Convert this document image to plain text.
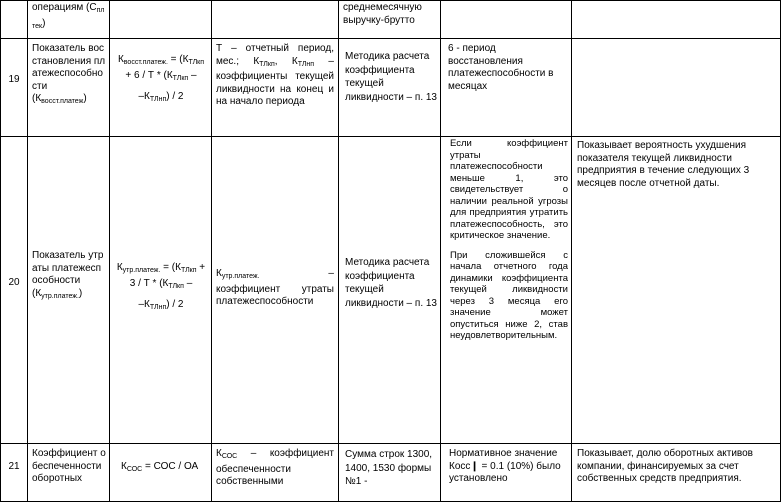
операциям $(С_{пл тек})$
среднемесячную выручку-брутто
19
Показатель восстановления платежеспособности
$(К_{восст.платеж})$
$К_{восст.платеж.} = (К_{ТЛкп} + 6 / Т * (К_{ТЛкп}$ –

$-К_{ТЛнп}) / 2$

Т – отчетный период, мес.; $К_{ТЛкп}$, $К_{ТЛнп}$ – коэффициенты текущей ликвидности на конец и на начало периода
Методика расчета коэффициента текущей ликвидности – п. 13
6 - период восстановления платежеспособности в месяцах
20
Показатель утраты платежеспособности
$(К_{утр.платеж.})$
$К_{утр.платеж.} = (К_{ТЛкп} + 3 / Т * (К_{ТЛкп}$ –

$-К_{ТЛнп}) / 2$

$К_{утр.платеж.}$ – коэффициент утраты платежеспособности
Методика расчета коэффициента текущей ликвидности – п. 13

Если коэффициент утраты платежеспособности меньше 1, это свидетельствует о наличии реальной угрозы для предприятия утратить платежеспособность, это критическое значение.

При сложившейся с начала отчетного года динамики коэффициента текущей ликвидности через 3 месяца его значение может опуститься ниже 2, став неудовлетворительным.

Показывает вероятность ухудшения показателя текущей ликвидности предприятия в течение следующих 3 месяцев после отчетной даты.
21
Коэффициент обеспеченности оборотных
$К_{СОС}$ = СОС / ОА
$К_{СОС}$ – коэффициент обеспеченности собственными
Сумма строк 1300, 1400, 1530 формы №1 -
Нормативное значение Косс❙ = 0.1 (10%) было установлено
Показывает, долю оборотных активов компании, финансируемых за счет собственных средств предприятия.
